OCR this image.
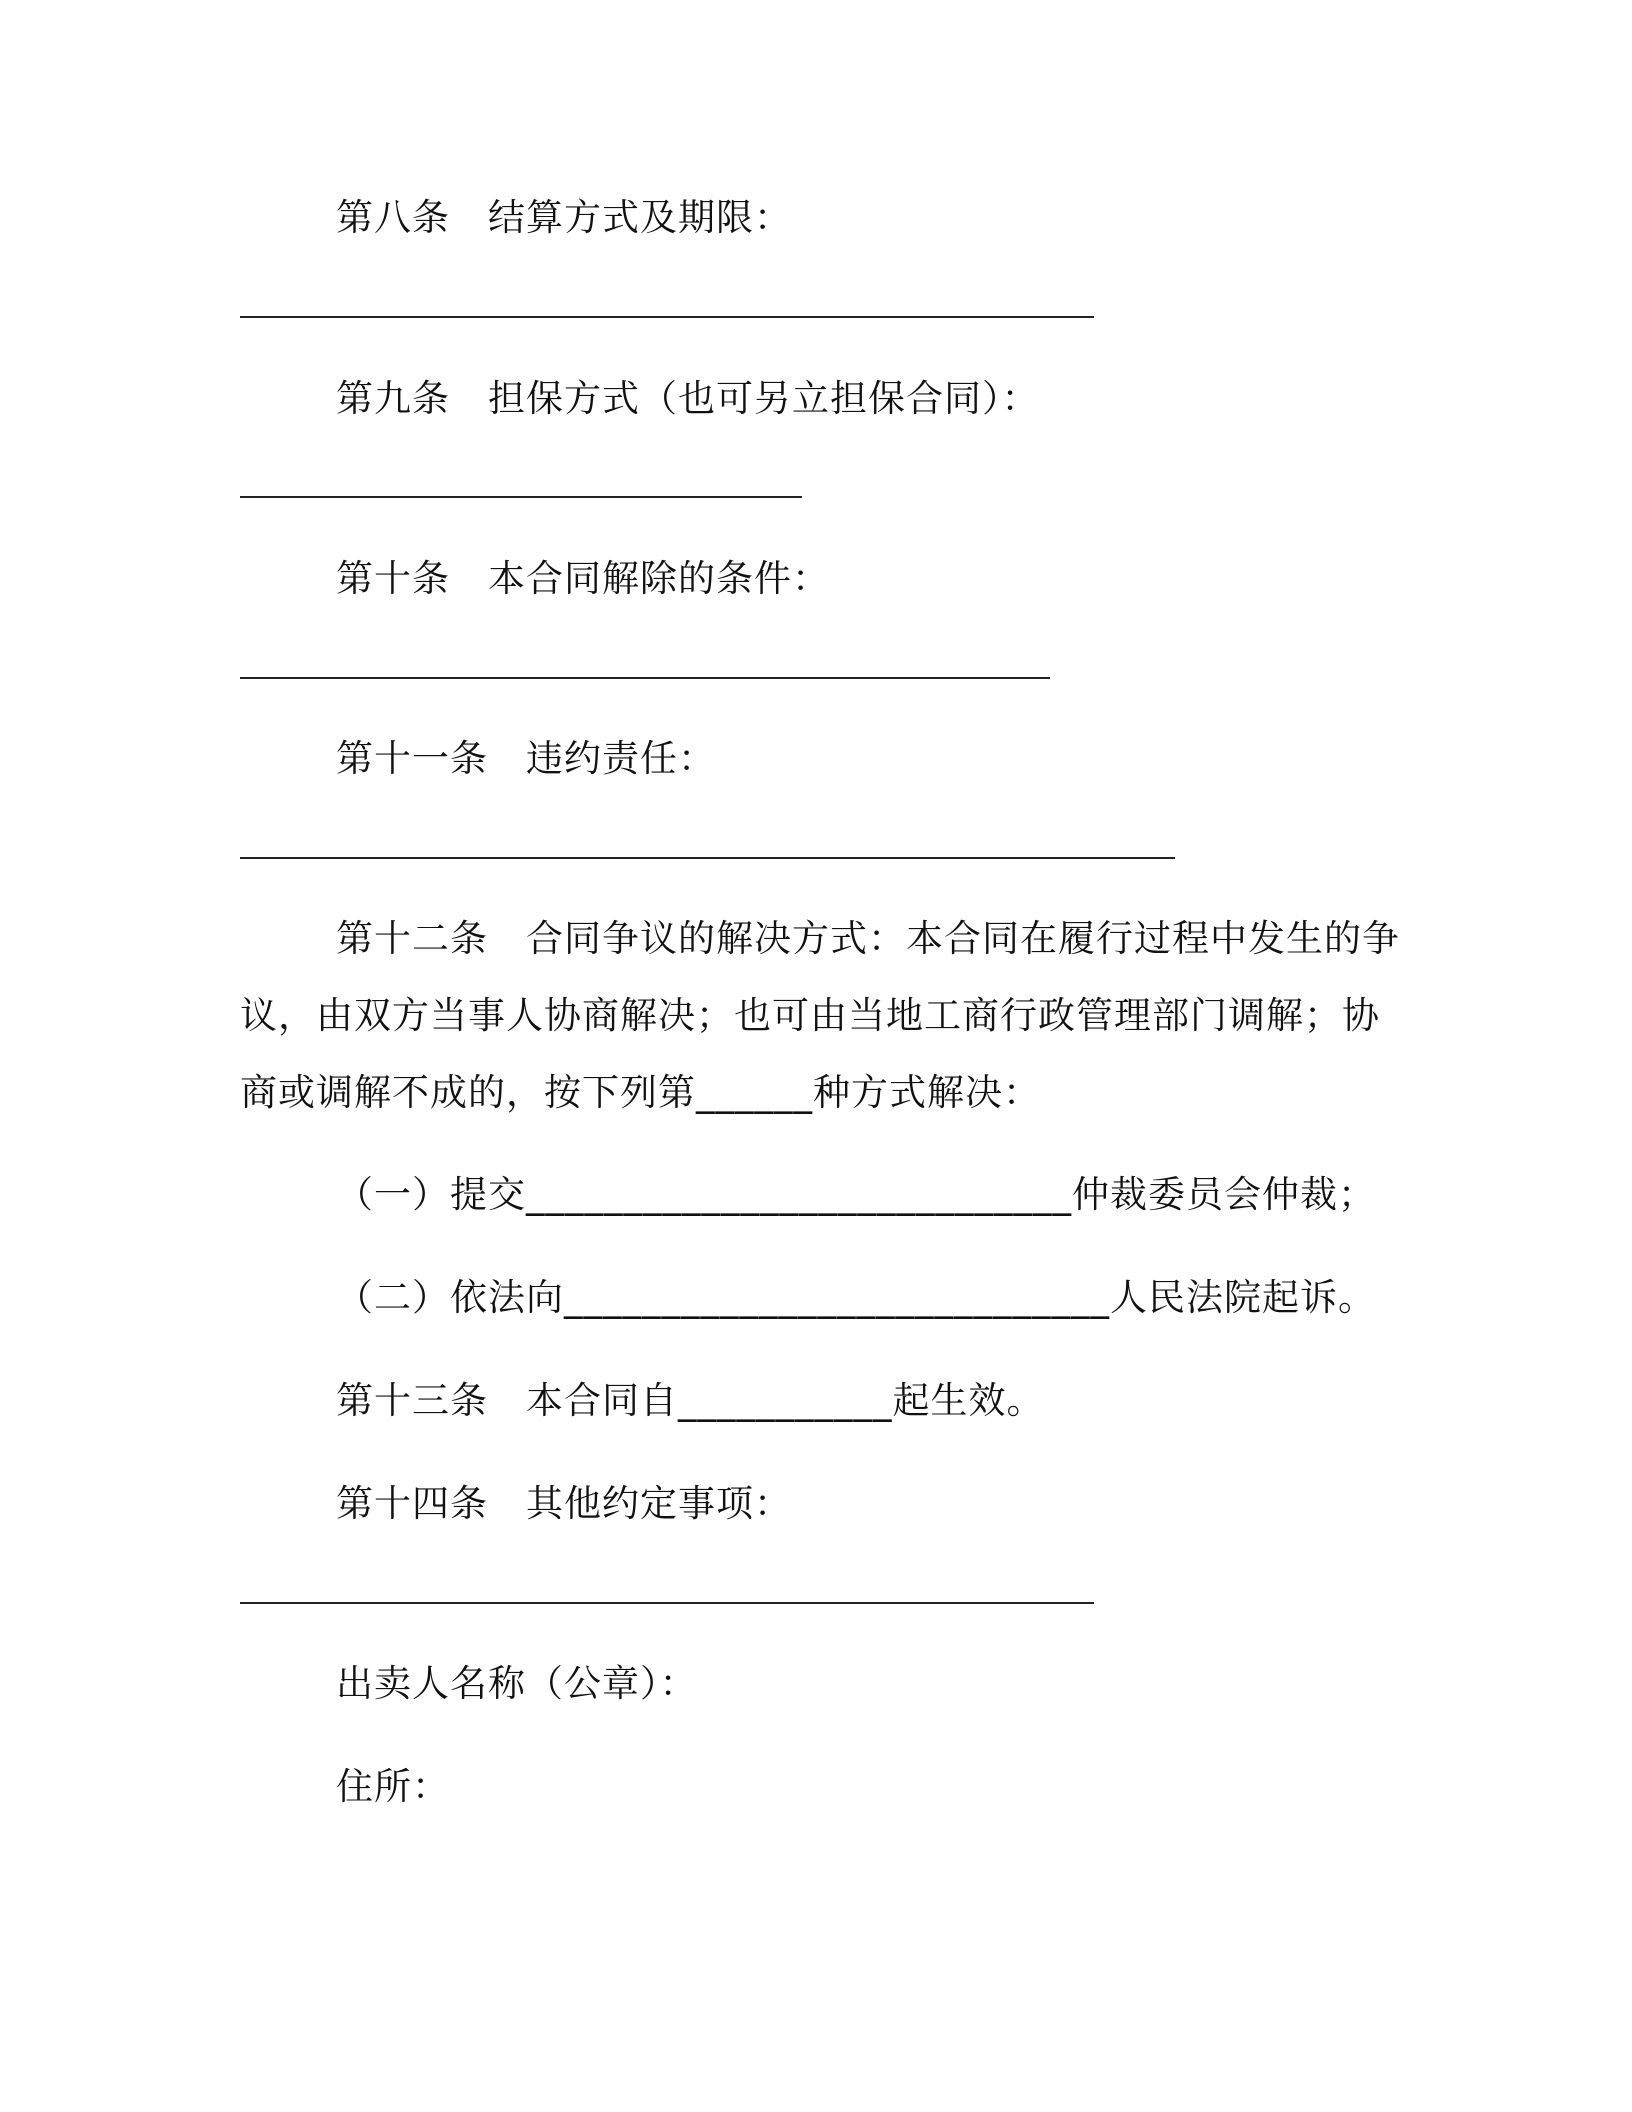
第八条　结算方式及期限：
第九条　担保方式（也可另立担保合同）：
第十条　本合同解除的条件：
第十一条　违约责任：
第十二条　合同争议的解决方式：本合同在履行过程中发生的争
议，由双方当事人协商解决；也可由当地工商行政管理部门调解；协
商或调解不成的，按下列第______种方式解决：
（一）提交____________________________仲裁委员会仲裁；
（二）依法向____________________________人民法院起诉。
第十三条　本合同自___________起生效。
第十四条　其他约定事项：
出卖人名称（公章）：
住所：
